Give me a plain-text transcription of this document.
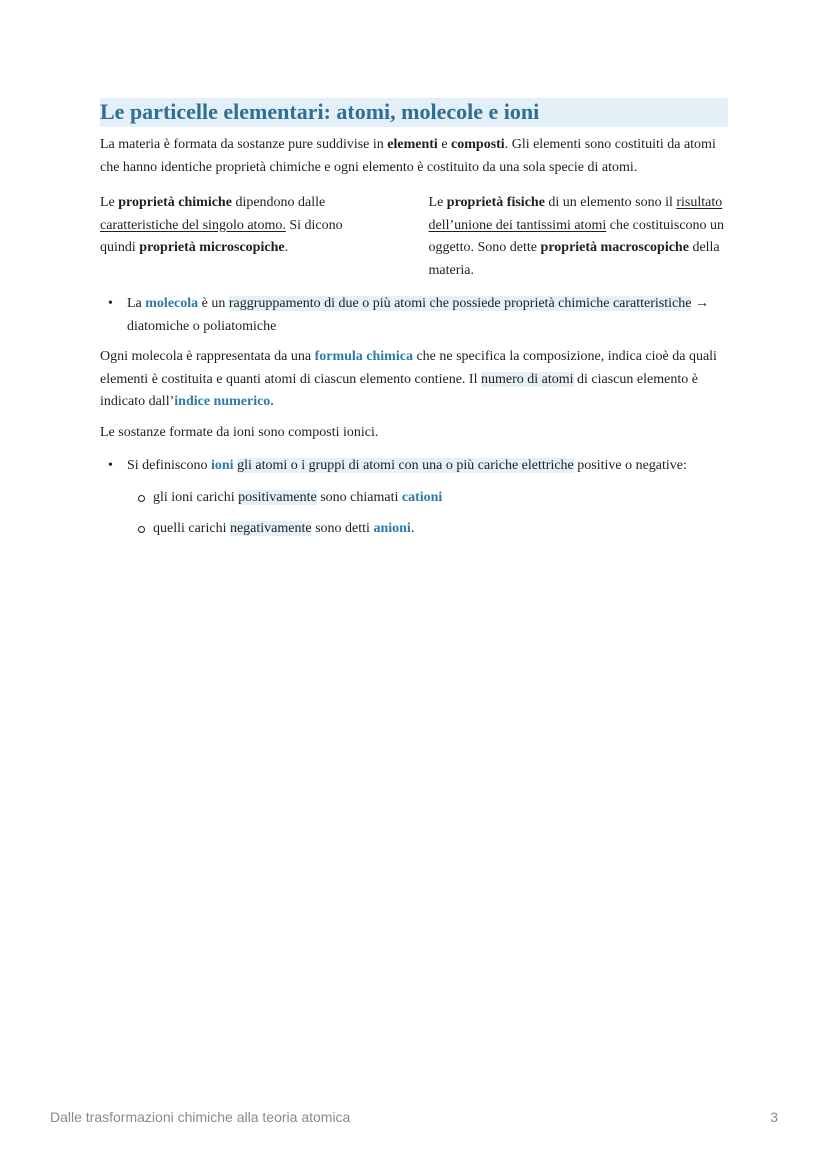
Le particelle elementari: atomi, molecole e ioni

La materia è formata da sostanze pure suddivise in elementi e composti. Gli elementi sono costituiti da atomi che hanno identiche proprietà chimiche e ogni elemento è costituito da una sola specie di atomi.

Le proprietà chimiche dipendono dalle caratteristiche del singolo atomo. Si dicono quindi proprietà microscopiche.

Le proprietà fisiche di un elemento sono il risultato dell’unione dei tantissimi atomi che costituiscono un oggetto. Sono dette proprietà macroscopiche della materia.

• La molecola è un raggruppamento di due o più atomi che possiede proprietà chimiche caratteristiche → diatomiche o poliatomiche

Ogni molecola è rappresentata da una formula chimica che ne specifica la composizione, indica cioè da quali elementi è costituita e quanti atomi di ciascun elemento contiene. Il numero di atomi di ciascun elemento è indicato dall’indice numerico.

Le sostanze formate da ioni sono composti ionici.

• Si definiscono ioni gli atomi o i gruppi di atomi con una o più cariche elettriche positive o negative:
gli ioni carichi positivamente sono chiamati cationi
quelli carichi negativamente sono detti anioni.
Dalle trasformazioni chimiche alla teoria atomica	3
